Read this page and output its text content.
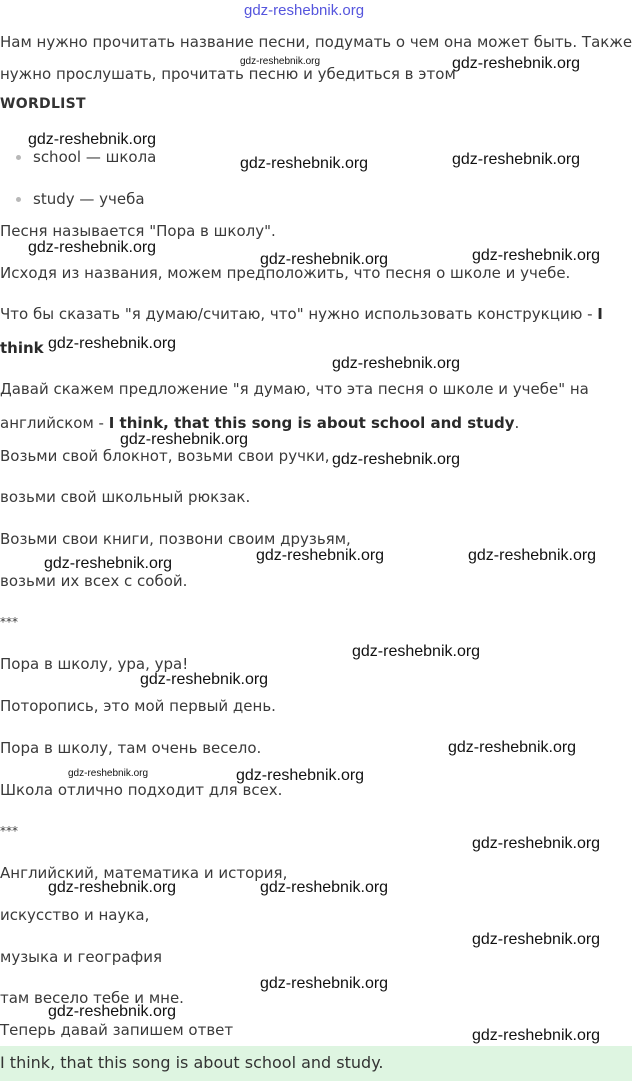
gdz-reshebnik.org
Нам нужно прочитать название песни, подумать о чем она может быть. Также
нужно прослушать, прочитать песню и убедиться в этом
WORDLIST
school — школа
study — учеба
Песня называется "Пора в школу".
Исходя из названия, можем предположить, что песня о школе и учебе.
Что бы сказать "я думаю/считаю, что" нужно использовать конструкцию - I
think
Давай скажем предложение "я думаю, что эта песня о школе и учебе" на
английском - I think, that this song is about school and study.
Возьми свой блокнот, возьми свои ручки,
возьми свой школьный рюкзак.
Возьми свои книги, позвони своим друзьям,
возьми их всех с собой.
***
Пора в школу, ура, ура!
Поторопись, это мой первый день.
Пора в школу, там очень весело.
Школа отлично подходит для всех.
***
Английский, математика и история,
искусство и наука,
музыка и география
там весело тебе и мне.
Теперь давай запишем ответ
I think, that this song is about school and study.
gdz-reshebnik.org	gdz-reshebnik.org
gdz-reshebnik.org
gdz-reshebnik.org	gdz-reshebnik.org
gdz-reshebnik.org
gdz-reshebnik.org	gdz-reshebnik.org
gdz-reshebnik.org
gdz-reshebnik.org
gdz-reshebnik.org
gdz-reshebnik.org
gdz-reshebnik.org	gdz-reshebnik.org	gdz-reshebnik.org
gdz-reshebnik.org
gdz-reshebnik.org
gdz-reshebnik.org
gdz-reshebnik.org	gdz-reshebnik.org
gdz-reshebnik.org
gdz-reshebnik.org	gdz-reshebnik.org
gdz-reshebnik.org
gdz-reshebnik.org
gdz-reshebnik.org
gdz-reshebnik.org
